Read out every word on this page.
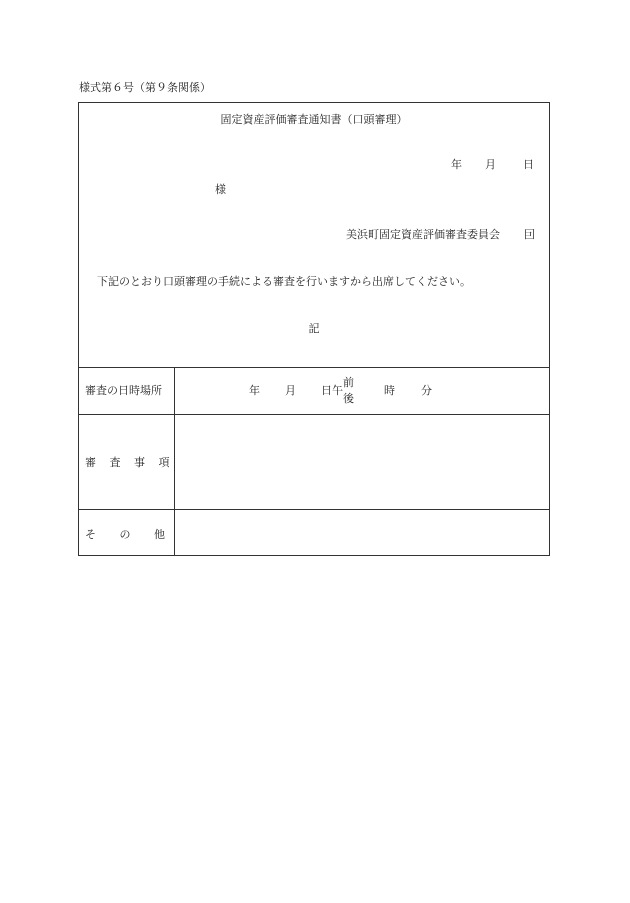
様式第６号（第９条関係）
固定資産評価審査通知書（口頭審理）
年 月 日
様
美浜町固定資産評価審査委員会 囙
下記のとおり口頭審理の手続による審査を行いますから出席してください。
記
審査の日時場所	年 月 日午
前
後
時 分
審 査 事 項
そ の 他
